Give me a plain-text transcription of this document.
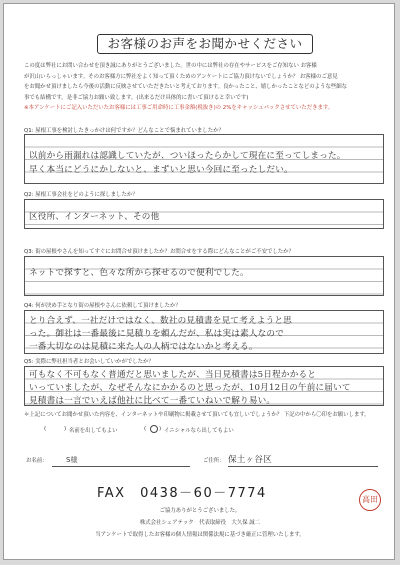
お客様のお声をお聞かせください

この度は弊社にお問い合わせを頂き誠にありがとうございました。世の中には弊社の存在やサービスをご存知ない お客様

が沢山いらっしゃいます。そのお客様方に弊社をよく知って頂くためのアンケートにご協力頂けないでしょうか？ お客様のご意見

をお聞かせ頂けましたら今後の活動に反映させていただきたいと考えております。良かったこと、嬉しかったことなどのような些細な

事でも結構です。是非ご協力お願い致します。(出来るだけ具体的に書いて頂けると幸いです)

※本アンケートにご記入いただいたお客様には工事ご用命時に工事金額(税抜き)の 2%をキャッシュバックさせていただきます。

Q1: 屋根工事を検討したきっかけは何ですか？どんなことで悩まれていましたか？
以前から雨漏れは認識していたが、ついほったらかして現在に至ってしまった。
早く本当にどうにかしないと、まずいと思い今回に至ったしだい。
Q2: 屋根工事会社をどのように探しましたか？
区役所、インターネット、その他
Q3: 街の屋根やさんを知ってすぐにお問合せ頂けましたか？お問合せをする際にどんなことがご不安でしたか？
ネットで探すと、色々な所から探せるので便利でした。
Q4: 何が決め手となり街の屋根やさんに依頼して頂けましたか？
とり合えず、一社だけではなく、数社の見積書を見て考えようと思
った。御社は一番最後に見積りを頼んだが、私は実は素人なので
一番大切なのは見積に来た人の人柄ではないかと考える。
Q5: 実際に弊社担当者とお会いしていかがでしたか？
可もなく不可もなく普通だと思いましたが、当日見積書は5日程かかると
いっていましたが、なぜそんなにかかるのと思ったが、10月12日の午前に届いて
見積書は一言でいえば他社に比べて一番ていねいで解り易い。
＊上記についてお聞かせ頂いた内容を、インターネットや印刷物に掲載させて頂いても宜しいでしょうか？ 下記の中から〇印をお願いします。
(	) 名前を出してもよい	( ) イニシャルなら出してもよい
お名前：	S様	ご住所： 保土ヶ谷区
FAX　0438－60－7774	高田
ご協力ありがとうございました。
株式会社シェアテック　代表取締役　大久保 誠二
当アンケートで取得したお客様の個人情報は関係法規に基づき厳正に管理いたします。
